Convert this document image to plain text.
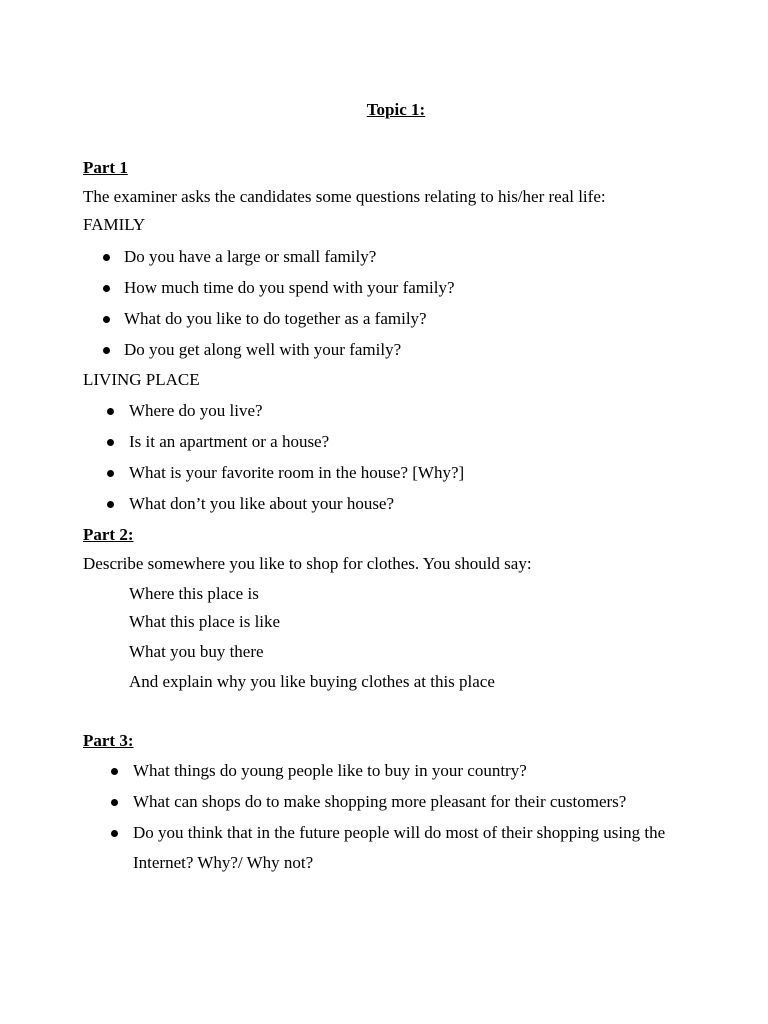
Topic 1:
Part 1
The examiner asks the candidates some questions relating to his/her real life:
FAMILY
Do you have a large or small family?
How much time do you spend with your family?
What do you like to do together as a family?
Do you get along well with your family?
LIVING PLACE
Where do you live?
Is it an apartment or a house?
What is your favorite room in the house? [Why?]
What don’t you like about your house?
Part 2:
Describe somewhere you like to shop for clothes. You should say:
Where this place is
What this place is like
What you buy there
And explain why you like buying clothes at this place
Part 3:
What things do young people like to buy in your country?
What can shops do to make shopping more pleasant for their customers?
Do you think that in the future people will do most of their shopping using the
Internet? Why?/ Why not?
